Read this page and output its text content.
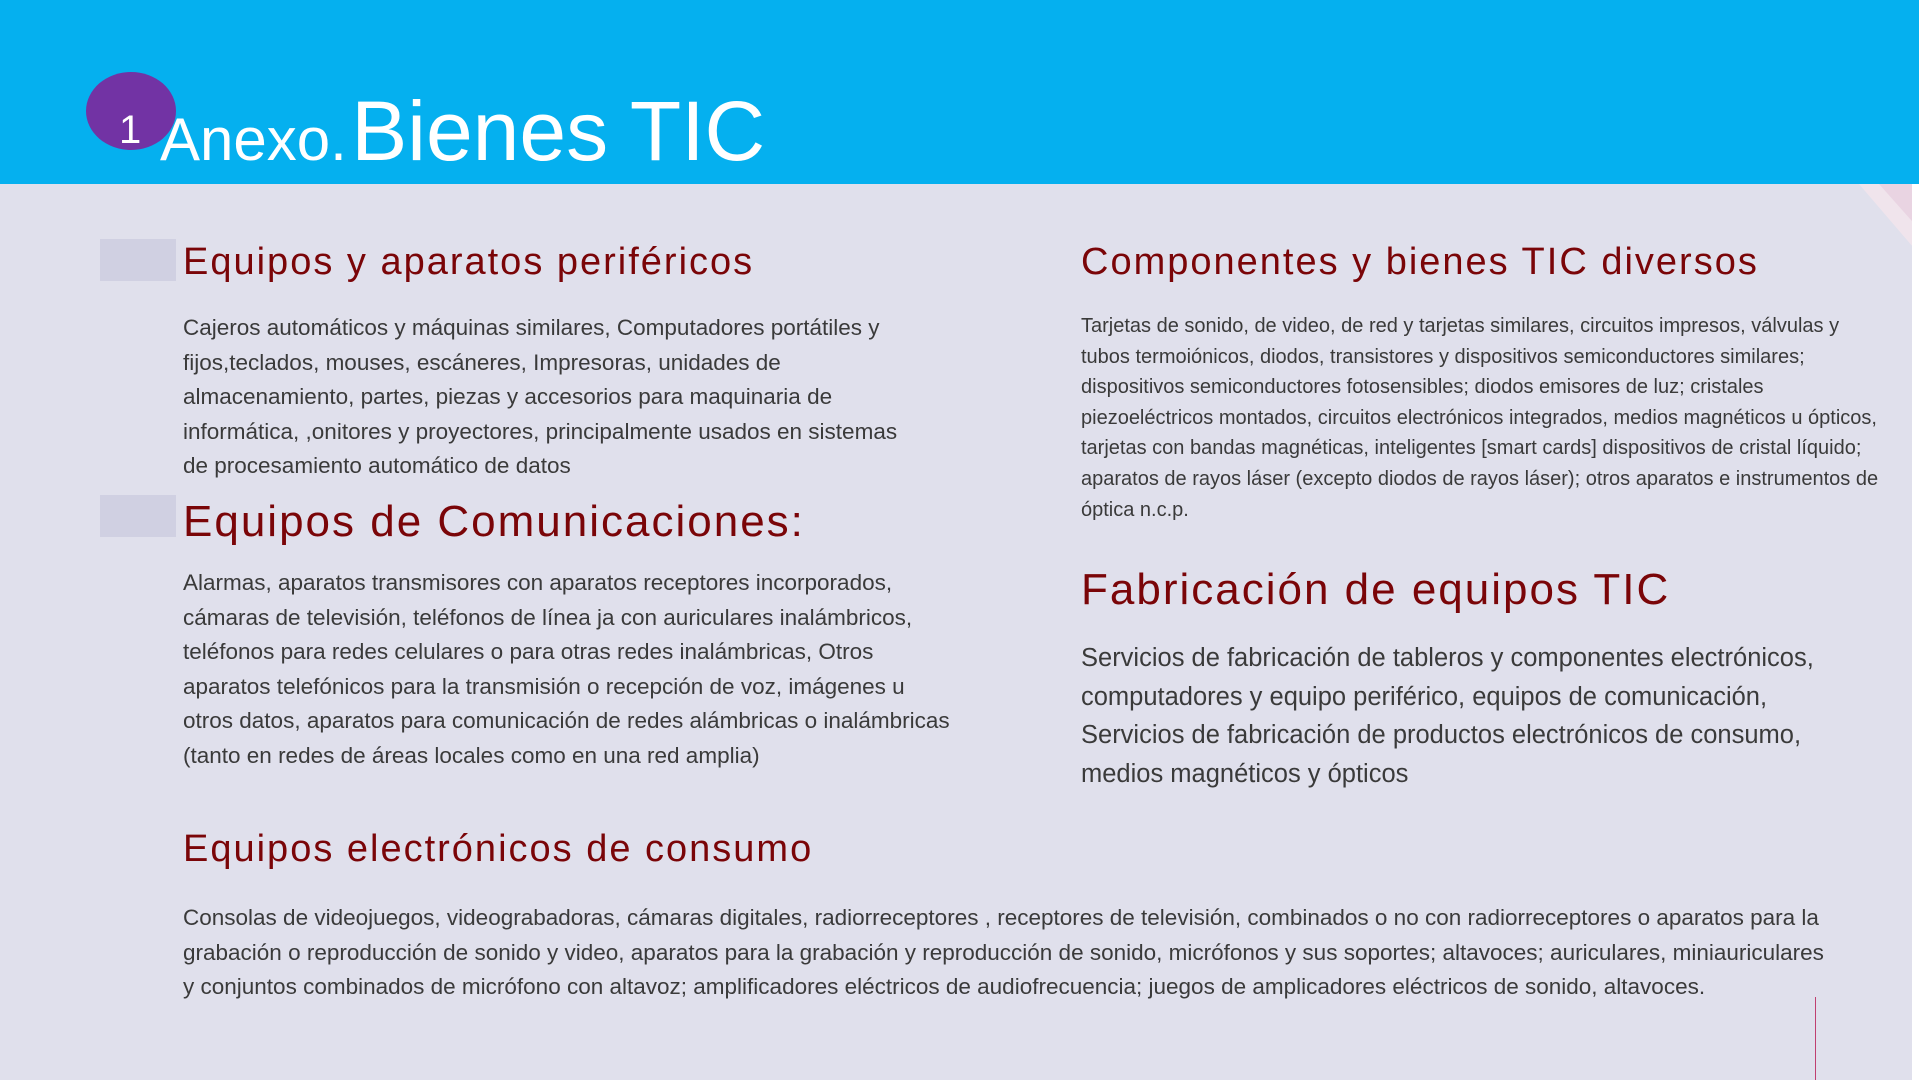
1 Anexo. Bienes TIC
Equipos y aparatos periféricos
Cajeros automáticos y máquinas similares, Computadores portátiles y fijos,teclados, mouses, escáneres, Impresoras, unidades de almacenamiento, partes, piezas y accesorios para maquinaria de informática, ,onitores y proyectores, principalmente usados en sistemas de procesamiento automático de datos
Equipos de Comunicaciones:
Alarmas, aparatos transmisores con aparatos receptores incorporados, cámaras de televisión, teléfonos de línea ja con auriculares inalámbricos, teléfonos para redes celulares o para otras redes inalámbricas, Otros aparatos telefónicos para la transmisión o recepción de voz, imágenes u otros datos, aparatos para comunicación de redes alámbricas o inalámbricas (tanto en redes de áreas locales como en una red amplia)
Componentes y bienes TIC diversos
Tarjetas de sonido, de video, de red y tarjetas similares, circuitos impresos, válvulas y tubos termoiónicos, diodos, transistores y dispositivos semiconductores similares; dispositivos semiconductores fotosensibles; diodos emisores de luz; cristales piezoeléctricos montados, circuitos electrónicos integrados, medios magnéticos u ópticos, tarjetas con bandas magnéticas, inteligentes [smart cards] dispositivos de cristal líquido; aparatos de rayos láser (excepto diodos de rayos láser); otros aparatos e instrumentos de óptica n.c.p.
Fabricación de equipos TIC
Servicios de fabricación de tableros y componentes electrónicos, computadores y equipo periférico, equipos de comunicación, Servicios de fabricación de productos electrónicos de consumo, medios magnéticos y ópticos
Equipos electrónicos de consumo
Consolas de videojuegos, videograbadoras, cámaras digitales, radiorreceptores , receptores de televisión, combinados o no con radiorreceptores o aparatos para la grabación o reproducción de sonido y video, aparatos para la grabación y reproducción de sonido, micrófonos y sus soportes; altavoces; auriculares, miniauriculares y conjuntos combinados de micrófono con altavoz; amplificadores eléctricos de audiofrecuencia; juegos de amplicadores eléctricos de sonido, altavoces.
